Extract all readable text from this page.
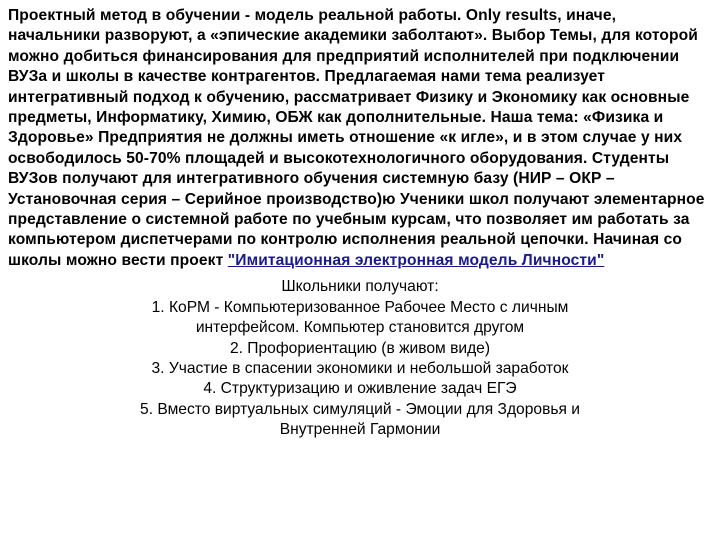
Проектный метод в обучении - модель реальной работы. Only results, иначе, начальники разворуют, а «эпические академики заболтают». Выбор Темы, для которой можно добиться финансирования для предприятий исполнителей при подключении ВУЗа и школы в качестве контрагентов. Предлагаемая нами тема реализует интегративный подход к обучению, рассматривает Физику и Экономику как основные предметы, Информатику, Химию, ОБЖ как дополнительные. Наша тема: «Физика и Здоровье» Предприятия не должны иметь отношение «к игле», и в этом случае у них освободилось 50-70% площадей и высокотехнологичного оборудования. Студенты ВУЗов получают для интегративного обучения системную базу (НИР – ОКР –Установочная серия – Серийное производство)ю Ученики школ получают элементарное представление о системной работе по учебным курсам, что позволяет им работать за компьютером диспетчерами по контролю исполнения реальной цепочки. Начиная со школы можно вести проект "Имитационная электронная модель Личности"

Школьники получают:
1. КоРМ - Компьютеризованное Рабочее Место с личным
интерфейсом. Компьютер становится другом
2. Профориентацию (в живом виде)
3. Участие в спасении экономики и небольшой заработок
4. Структуризацию и оживление задач ЕГЭ
5. Вместо виртуальных симуляций - Эмоции для Здоровья и
Внутренней Гармонии
